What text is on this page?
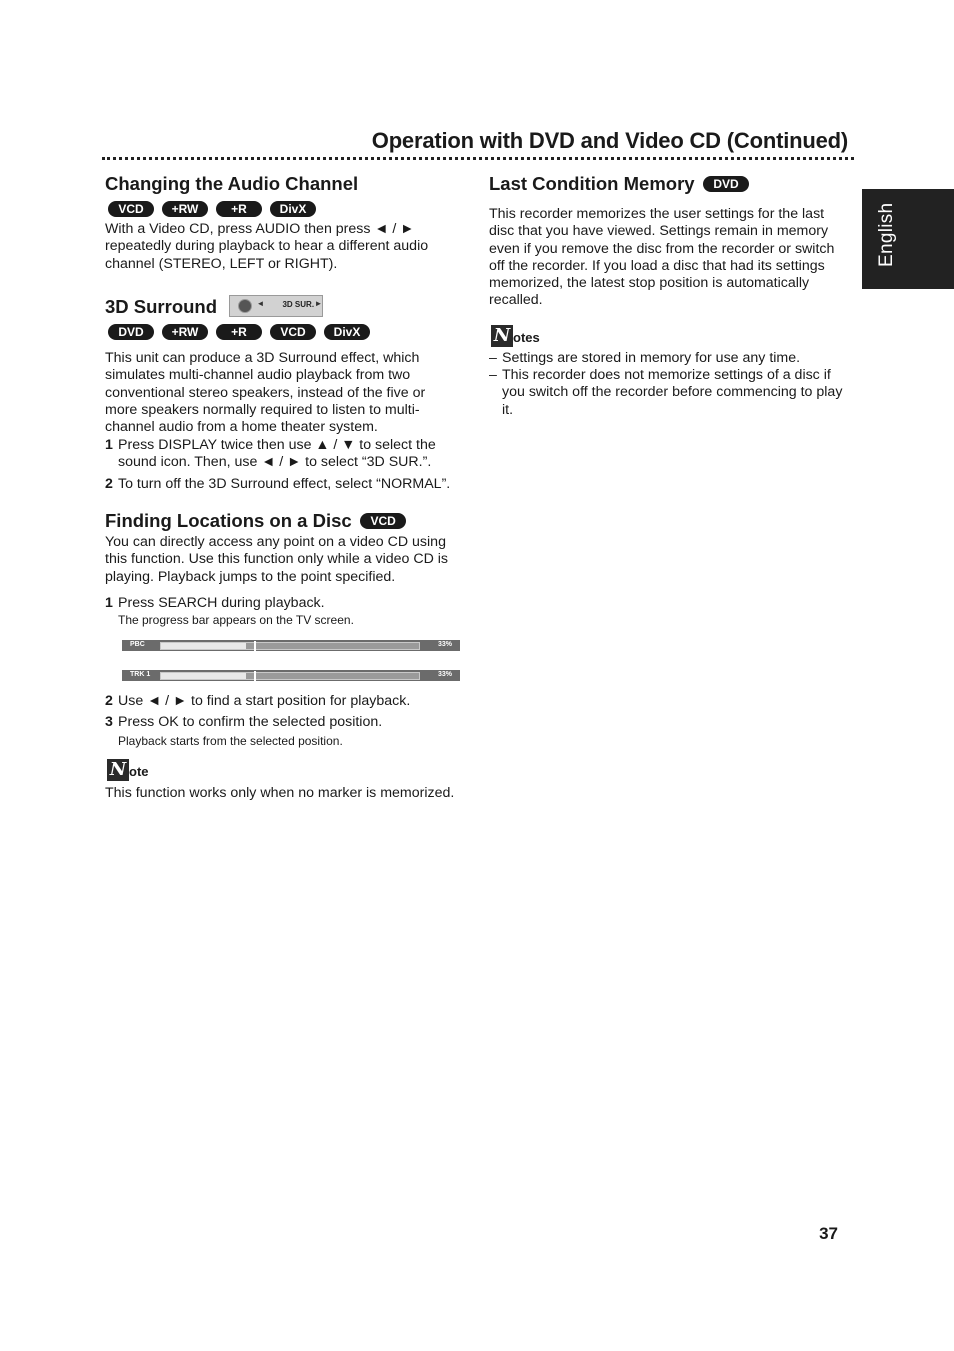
Operation with DVD and Video CD (Continued)
English
Changing the Audio Channel
VCD	+RW	+R	DivX

With a Video CD, press AUDIO then press ◄ / ► repeatedly during playback to hear a different audio channel (STEREO, LEFT or RIGHT).

3D Surround	◄ 3D SUR. ►
DVD	+RW	+R	VCD	DivX

This unit can produce a 3D Surround effect, which simulates multi-channel audio playback from two conventional stereo speakers, instead of the five or more speakers normally required to listen to multi-channel audio from a home theater system.

1 Press DISPLAY twice then use ▲ / ▼ to select the sound icon. Then, use ◄ / ► to select “3D SUR.”.
2 To turn off the 3D Surround effect, select “NORMAL”.
Finding Locations on a Disc VCD

You can directly access any point on a video CD using this function. Use this function only while a video CD is playing. Playback jumps to the point specified.

1 Press SEARCH during playback.
The progress bar appears on the TV screen.
PBC	33%
TRK 1	33%
2 Use ◄ / ► to find a start position for playback.
3 Press OK to confirm the selected position.
Playback starts from the selected position.
N ote

This function works only when no marker is memorized.

Last Condition Memory DVD

This recorder memorizes the user settings for the last disc that you have viewed. Settings remain in memory even if you remove the disc from the recorder or switch off the recorder. If you load a disc that had its settings memorized, the latest stop position is automatically recalled.

N otes
– Settings are stored in memory for use any time.
– This recorder does not memorize settings of a disc if you switch off the recorder before commencing to play it.
37
